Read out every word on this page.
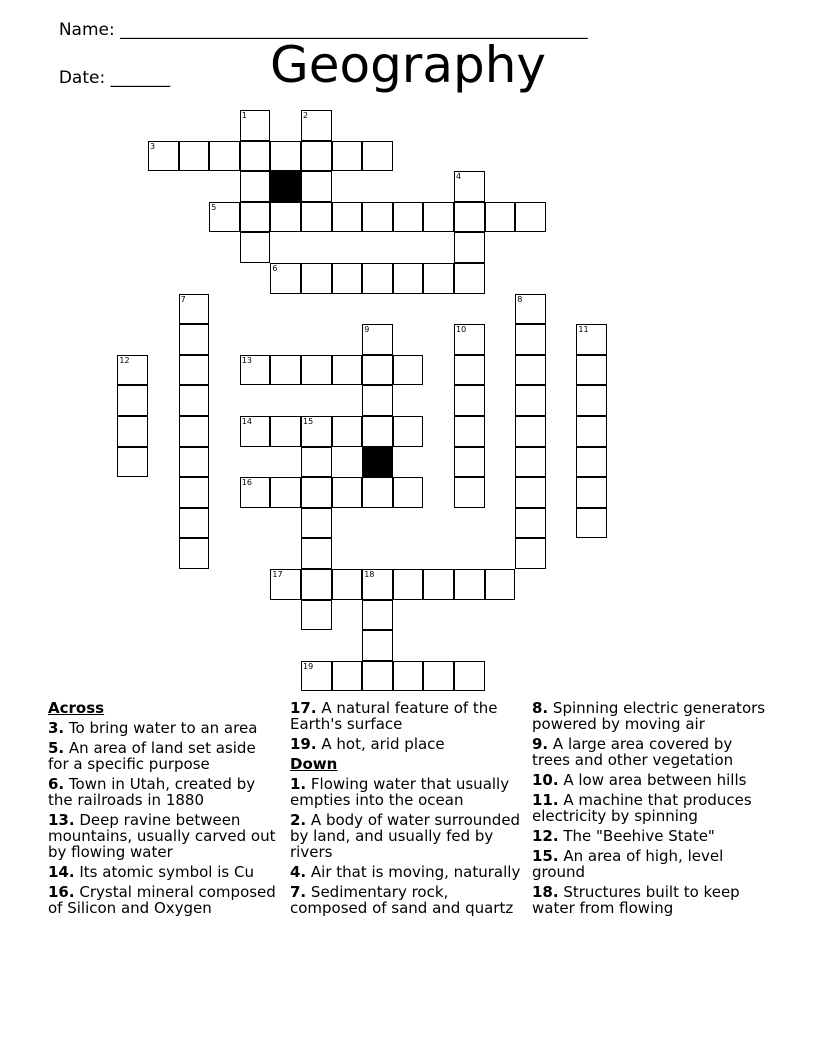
Name: _______________________________________________________

Date: _______	Geography
1	2
3
4
5
6
7	8
9	10	11
12	13
14	15
16
17	18
19
Across
3. To bring water to an area
5. An area of land set aside for a specific purpose
6. Town in Utah, created by the railroads in 1880
13. Deep ravine between mountains, usually carved out by flowing water
14. Its atomic symbol is Cu
16. Crystal mineral composed of Silicon and Oxygen
17. A natural feature of the Earth's surface
19. A hot, arid place
Down
1. Flowing water that usually empties into the ocean
2. A body of water surrounded by land, and usually fed by rivers
4. Air that is moving, naturally
7. Sedimentary rock, composed of sand and quartz
8. Spinning electric generators powered by moving air
9. A large area covered by trees and other vegetation
10. A low area between hills
11. A machine that produces electricity by spinning
12. The "Beehive State"
15. An area of high, level ground
18. Structures built to keep water from flowing
